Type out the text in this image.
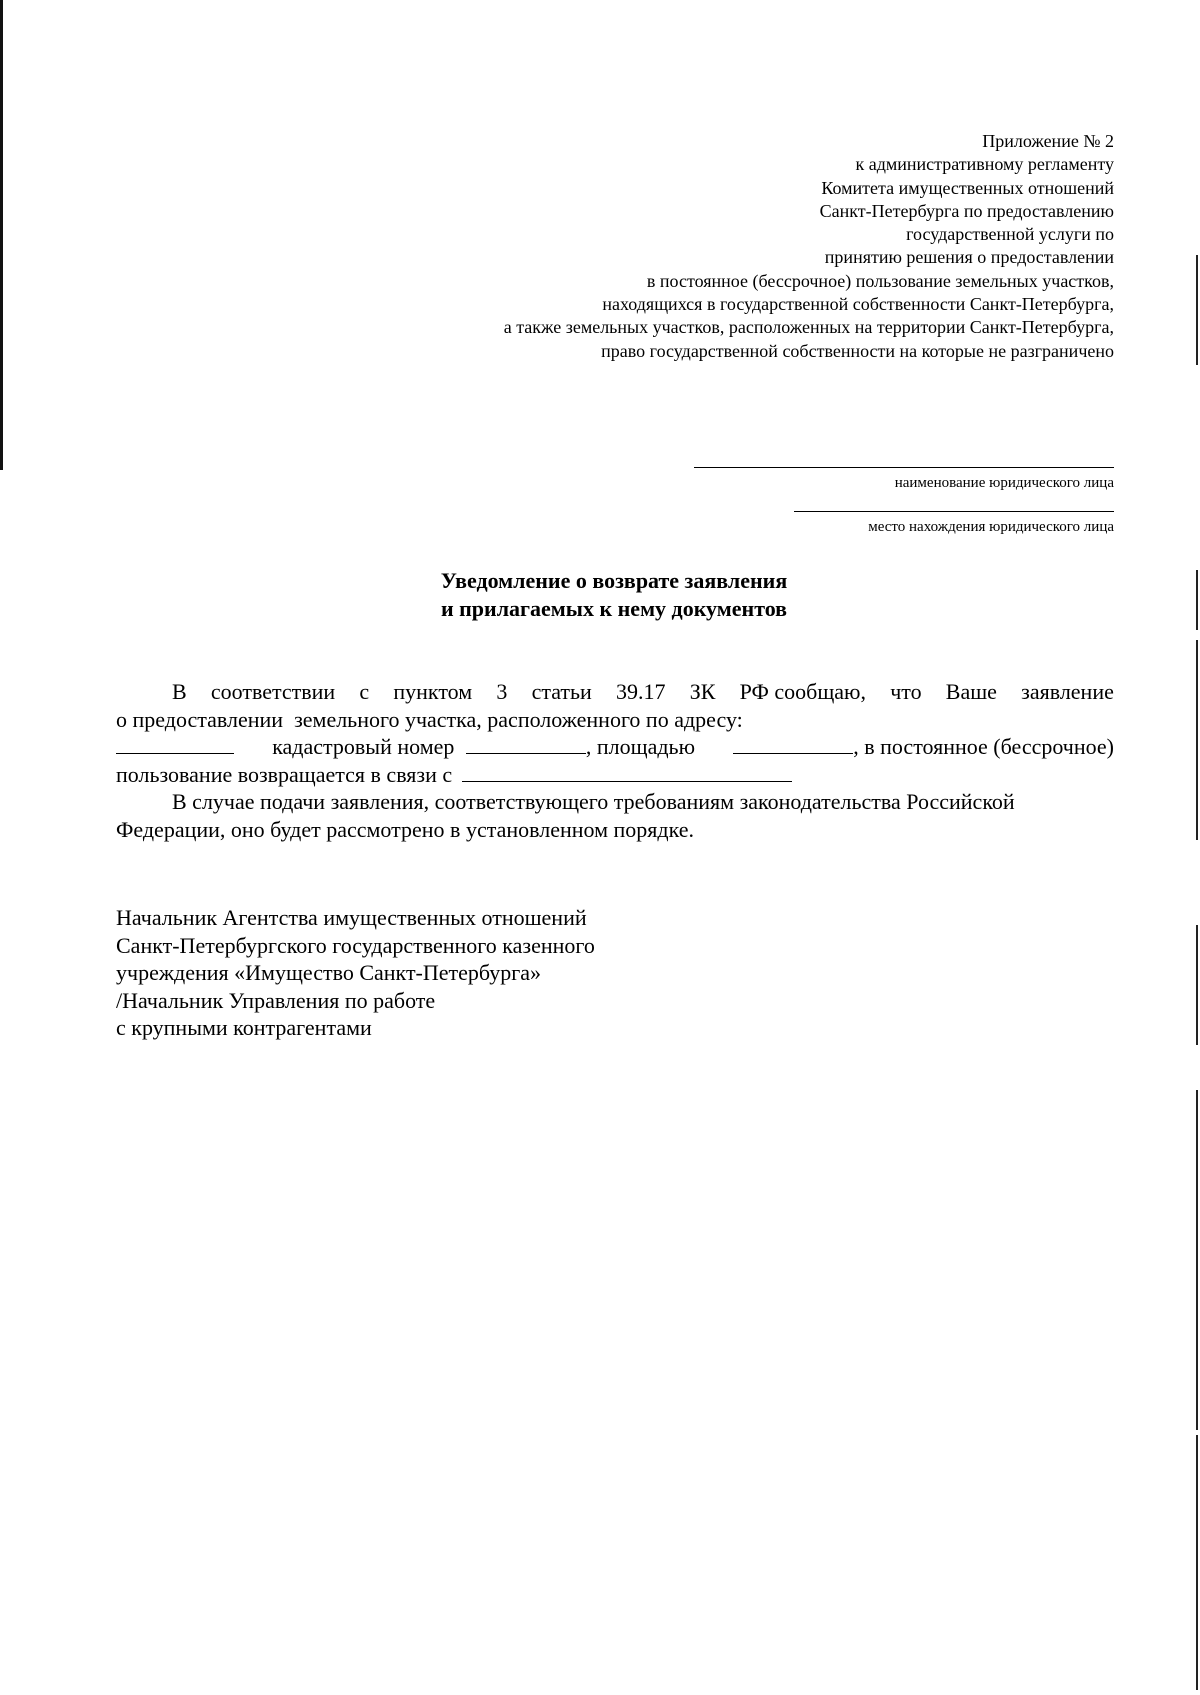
Приложение № 2
к административному регламенту
Комитета имущественных отношений
Санкт-Петербурга по предоставлению
государственной услуги по
принятию решения о предоставлении
в постоянное (бессрочное) пользование земельных участков,
находящихся в государственной собственности Санкт-Петербурга,
а также земельных участков, расположенных на территории Санкт-Петербурга,
право государственной собственности на которые не разграничено
наименование юридического лица
место нахождения юридического лица
Уведомление о возврате заявления
и прилагаемых к нему документов
В соответствии с пунктом 3 статьи 39.17 ЗК РФ сообщаю, что Ваше заявление

о предоставлении  земельного участка, расположенного по адресу:

кадастровый номер	, площадью	, в постоянное (бессрочное)

пользование возвращается в связи с

В случае подачи заявления, соответствующего требованиям законодательства Российской

Федерации, оно будет рассмотрено в установленном порядке.

Начальник Агентства имущественных отношений
Санкт-Петербургского государственного казенного
учреждения «Имущество Санкт-Петербурга»
/Начальник Управления по работе
с крупными контрагентами
